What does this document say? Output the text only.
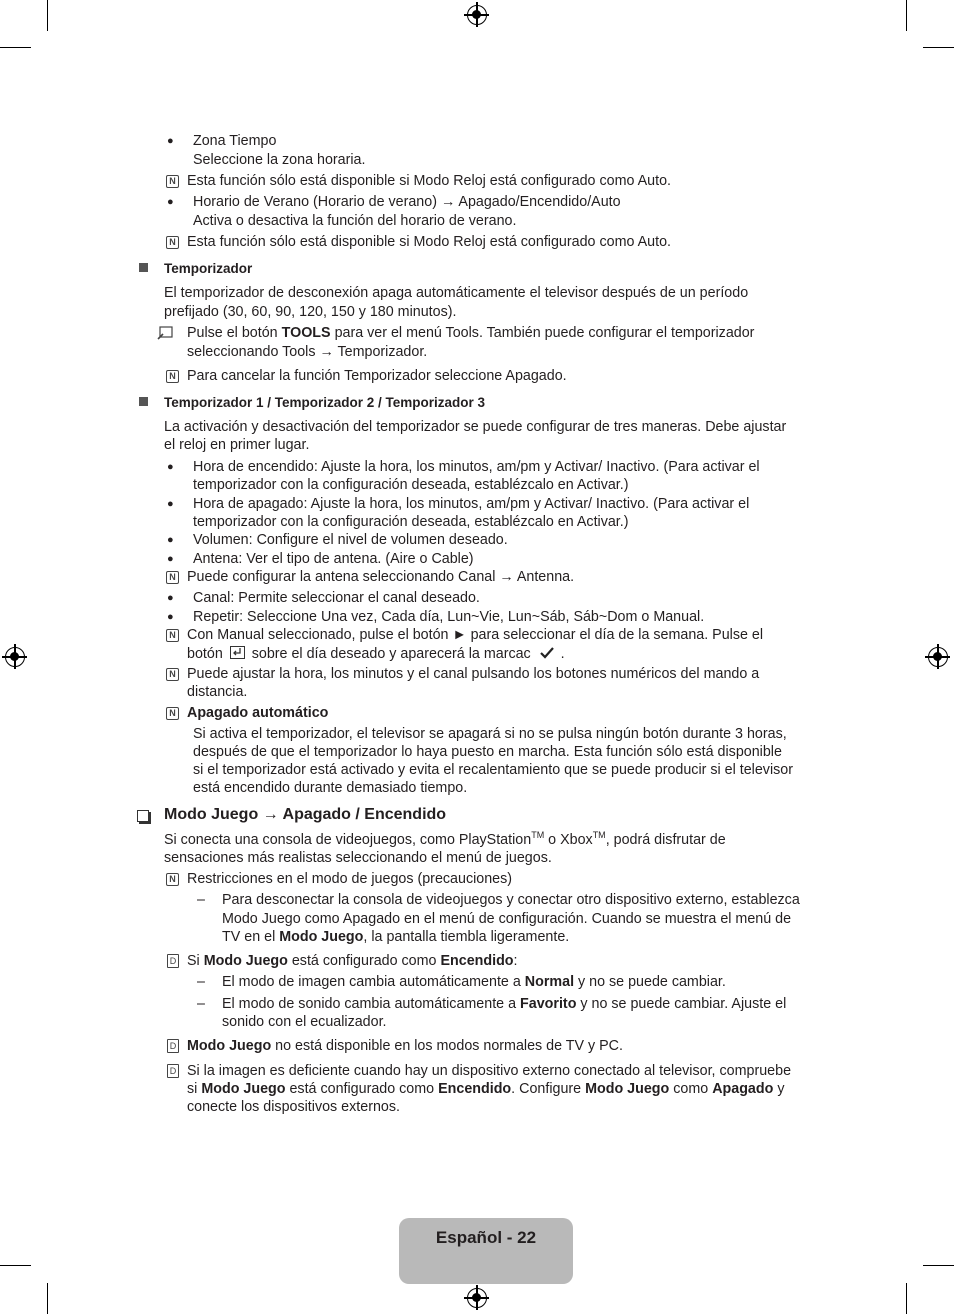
● Zona Tiempo
Seleccione la zona horaria.
N Esta función sólo está disponible si Modo Reloj está configurado como Auto.
● Horario de Verano (Horario de verano) → Apagado/Encendido/Auto
Activa o desactiva la función del horario de verano.
N Esta función sólo está disponible si Modo Reloj está configurado como Auto.
Temporizador
El temporizador de desconexión apaga automáticamente el televisor después de un período
prefijado (30, 60, 90, 120, 150 y 180 minutos).
Pulse el botón TOOLS para ver el menú Tools. También puede configurar el temporizador
seleccionando Tools → Temporizador.
N Para cancelar la función Temporizador seleccione Apagado.
Temporizador 1 / Temporizador 2 / Temporizador 3
La activación y desactivación del temporizador se puede configurar de tres maneras. Debe ajustar
el reloj en primer lugar.
● Hora de encendido: Ajuste la hora, los minutos, am/pm y Activar/ Inactivo. (Para activar el
temporizador con la configuración deseada, establézcalo en Activar.)
● Hora de apagado: Ajuste la hora, los minutos, am/pm y Activar/ Inactivo. (Para activar el
temporizador con la configuración deseada, establézcalo en Activar.)
● Volumen: Configure el nivel de volumen deseado.
● Antena: Ver el tipo de antena. (Aire o Cable)
N Puede configurar la antena seleccionando Canal → Antenna.
● Canal: Permite seleccionar el canal deseado.
● Repetir: Seleccione Una vez, Cada día, Lun~Vie, Lun~Sáb, Sáb~Dom o Manual.
N Con Manual seleccionado, pulse el botón ► para seleccionar el día de la semana. Pulse el
botón sobre el día deseado y aparecerá la marcac .
N Puede ajustar la hora, los minutos y el canal pulsando los botones numéricos del mando a
distancia.
N Apagado automático
Si activa el temporizador, el televisor se apagará si no se pulsa ningún botón durante 3 horas,
después de que el temporizador lo haya puesto en marcha. Esta función sólo está disponible
si el temporizador está activado y evita el recalentamiento que se puede producir si el televisor
está encendido durante demasiado tiempo.
Modo Juego → Apagado / Encendido
Si conecta una consola de videojuegos, como PlayStation™ o Xbox™, podrá disfrutar de
sensaciones más realistas seleccionando el menú de juegos.
N Restricciones en el modo de juegos (precauciones)
– Para desconectar la consola de videojuegos y conectar otro dispositivo externo, establezca
Modo Juego como Apagado en el menú de configuración. Cuando se muestra el menú de
TV en el Modo Juego, la pantalla tiembla ligeramente.
D Si Modo Juego está configurado como Encendido:
– El modo de imagen cambia automáticamente a Normal y no se puede cambiar.
– El modo de sonido cambia automáticamente a Favorito y no se puede cambiar. Ajuste el
sonido con el ecualizador.
D Modo Juego no está disponible en los modos normales de TV y PC.
D Si la imagen es deficiente cuando hay un dispositivo externo conectado al televisor, compruebe
si Modo Juego está configurado como Encendido. Configure Modo Juego como Apagado y
conecte los dispositivos externos.
Español - 22
